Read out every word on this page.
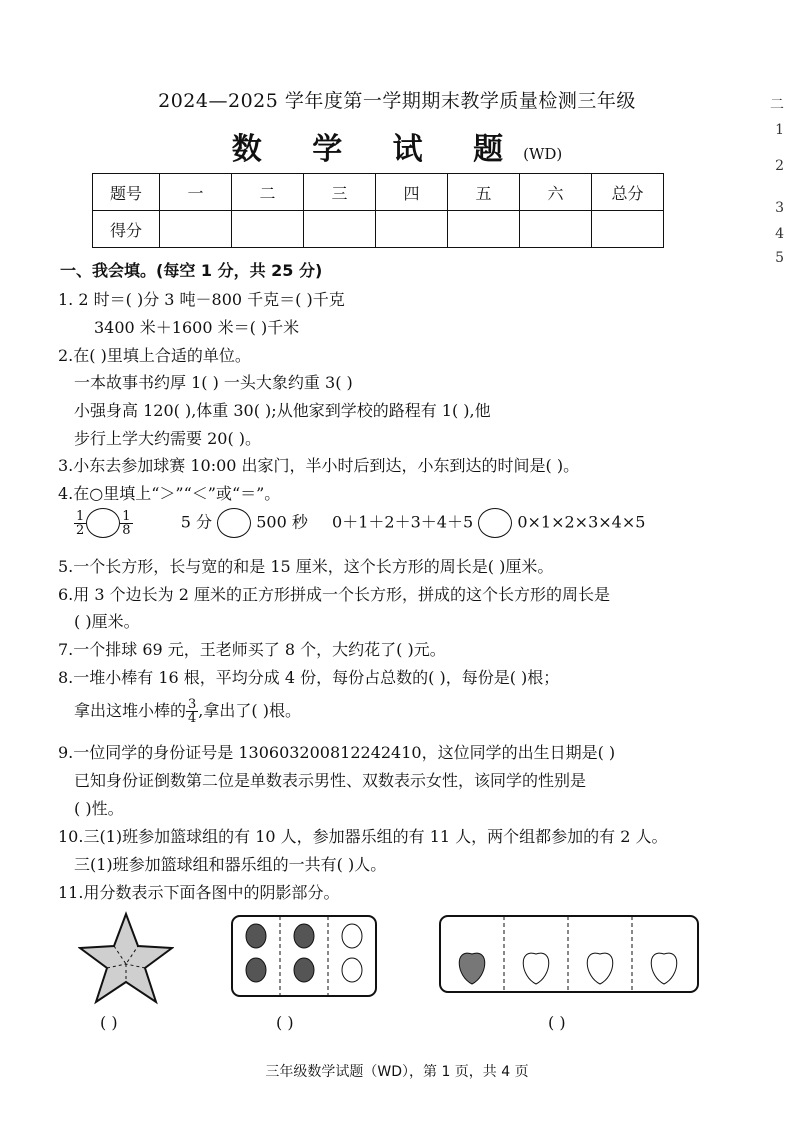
2024—2025 学年度第一学期期末教学质量检测三年级
数 学 试 题(WD)
题号	一	二	三	四	五	六	总分
得分							
一、我会填。(每空 1 分，共 25 分)
1. 2 时＝( )分 3 吨－800 千克＝( )千克
3400 米＋1600 米＝( )千米
2.在( )里填上合适的单位。
一本故事书约厚 1( ) 一头大象约重 3( )
小强身高 120( ),体重 30( );从他家到学校的路程有 1( ),他
步行上学大约需要 20( )。
3.小东去参加球赛 10:00 出家门，半小时后到达，小东到达的时间是( )。
4.在○里填上“＞”“＜”或“＝”。
$\frac{1}{2}$	$\frac{1}{8}$	5 分	500 秒 0＋1＋2＋3＋4＋5	0×1×2×3×4×5
5.一个长方形，长与宽的和是 15 厘米，这个长方形的周长是( )厘米。
6.用 3 个边长为 2 厘米的正方形拼成一个长方形，拼成的这个长方形的周长是
( )厘米。
7.一个排球 69 元，王老师买了 8 个，大约花了( )元。
8.一堆小棒有 16 根，平均分成 4 份，每份占总数的( )，每份是( )根；
拿出这堆小棒的 $\frac{3}{4}$ ,拿出了( )根。
9.一位同学的身份证号是 130603200812242410，这位同学的出生日期是( )
已知身份证倒数第二位是单数表示男性、双数表示女性，该同学的性别是
( )性。
10.三(1)班参加篮球组的有 10 人，参加器乐组的有 11 人，两个组都参加的有 2 人。
三(1)班参加篮球组和器乐组的一共有( )人。
11.用分数表示下面各图中的阴影部分。
( )	( )	( )
二
1
2
3
4
5
三年级数学试题（WD），第 1 页，共 4 页
